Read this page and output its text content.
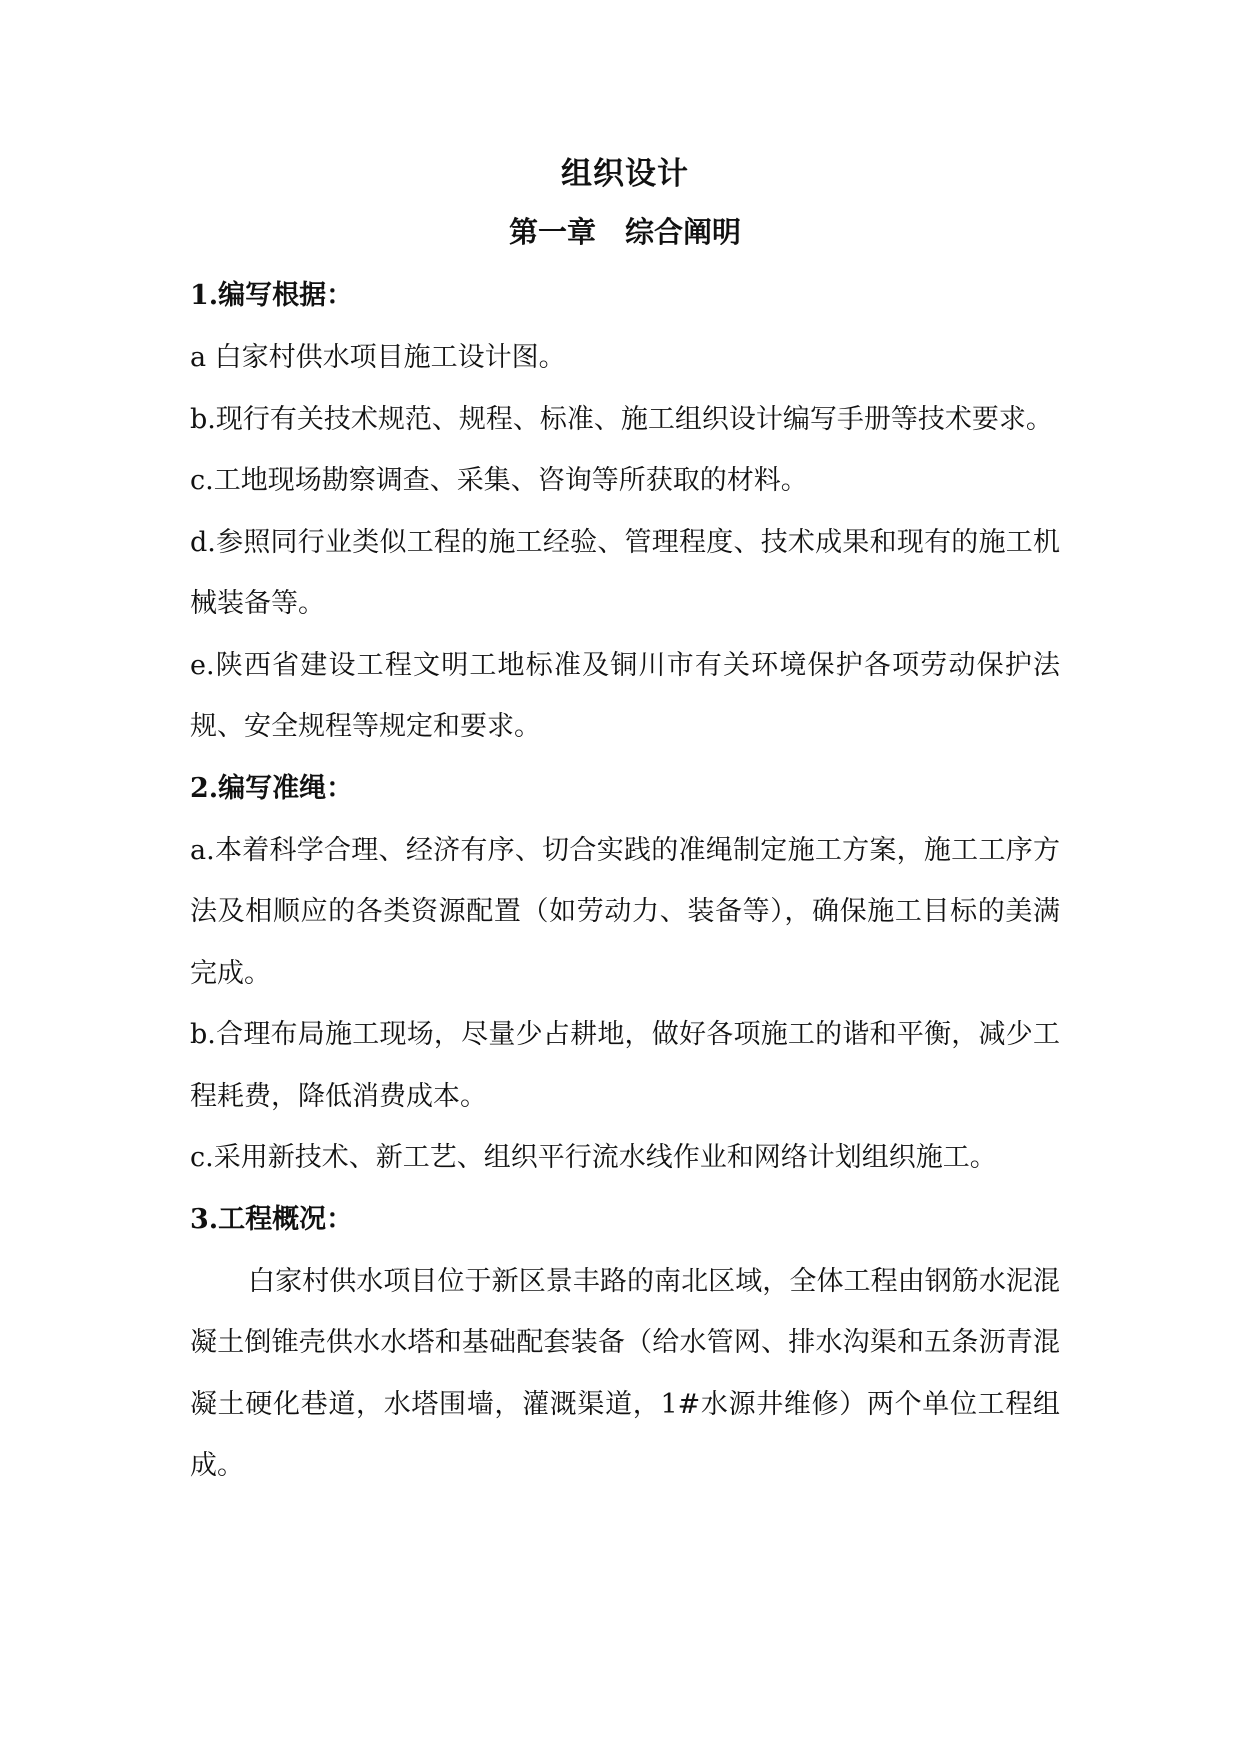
组织设计
第一章　综合阐明
1.编写根据：

a 白家村供水项目施工设计图。

b.现行有关技术规范、规程、标准、施工组织设计编写手册等技术要求。

c.工地现场勘察调查、采集、咨询等所获取的材料。

d.参照同行业类似工程的施工经验、管理程度、技术成果和现有的施工机械装备等。

e.陕西省建设工程文明工地标准及铜川市有关环境保护各项劳动保护法规、安全规程等规定和要求。

2.编写准绳：

a.本着科学合理、经济有序、切合实践的准绳制定施工方案，施工工序方法及相顺应的各类资源配置（如劳动力、装备等），确保施工目标的美满完成。

b.合理布局施工现场，尽量少占耕地，做好各项施工的谐和平衡，减少工程耗费，降低消费成本。

c.采用新技术、新工艺、组织平行流水线作业和网络计划组织施工。

3.工程概况：

白家村供水项目位于新区景丰路的南北区域，全体工程由钢筋水泥混凝土倒锥壳供水水塔和基础配套装备（给水管网、排水沟渠和五条沥青混凝土硬化巷道，水塔围墙，灌溉渠道，1#水源井维修）两个单位工程组成。
